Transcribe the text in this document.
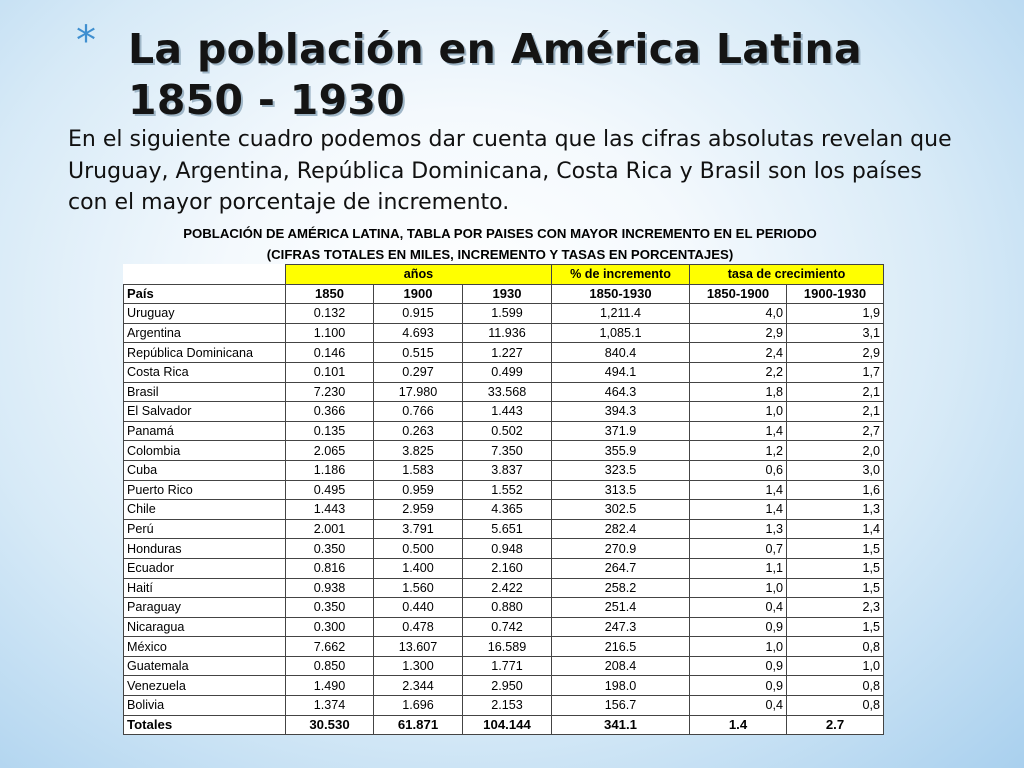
* La población en América Latina 1850 - 1930
En el siguiente cuadro podemos dar cuenta que las cifras absolutas revelan que Uruguay, Argentina, República Dominicana, Costa Rica y Brasil son los países con el mayor porcentaje de incremento.
POBLACIÓN DE AMÉRICA LATINA, TABLA POR PAISES CON MAYOR INCREMENTO EN EL PERIODO
(CIFRAS TOTALES EN MILES, INCREMENTO Y TASAS EN PORCENTAJES)
	años			% de incremento	tasa de crecimiento	
País	1850	1900	1930	1850-1930	1850-1900	1900-1930
Uruguay	0.132	0.915	1.599	1,211.4	4,0	1,9
Argentina	1.100	4.693	11.936	1,085.1	2,9	3,1
República Dominicana	0.146	0.515	1.227	840.4	2,4	2,9
Costa Rica	0.101	0.297	0.499	494.1	2,2	1,7
Brasil	7.230	17.980	33.568	464.3	1,8	2,1
El Salvador	0.366	0.766	1.443	394.3	1,0	2,1
Panamá	0.135	0.263	0.502	371.9	1,4	2,7
Colombia	2.065	3.825	7.350	355.9	1,2	2,0
Cuba	1.186	1.583	3.837	323.5	0,6	3,0
Puerto Rico	0.495	0.959	1.552	313.5	1,4	1,6
Chile	1.443	2.959	4.365	302.5	1,4	1,3
Perú	2.001	3.791	5.651	282.4	1,3	1,4
Honduras	0.350	0.500	0.948	270.9	0,7	1,5
Ecuador	0.816	1.400	2.160	264.7	1,1	1,5
Haití	0.938	1.560	2.422	258.2	1,0	1,5
Paraguay	0.350	0.440	0.880	251.4	0,4	2,3
Nicaragua	0.300	0.478	0.742	247.3	0,9	1,5
México	7.662	13.607	16.589	216.5	1,0	0,8
Guatemala	0.850	1.300	1.771	208.4	0,9	1,0
Venezuela	1.490	2.344	2.950	198.0	0,9	0,8
Bolivia	1.374	1.696	2.153	156.7	0,4	0,8
Totales	30.530	61.871	104.144	341.1	1.4	2.7
